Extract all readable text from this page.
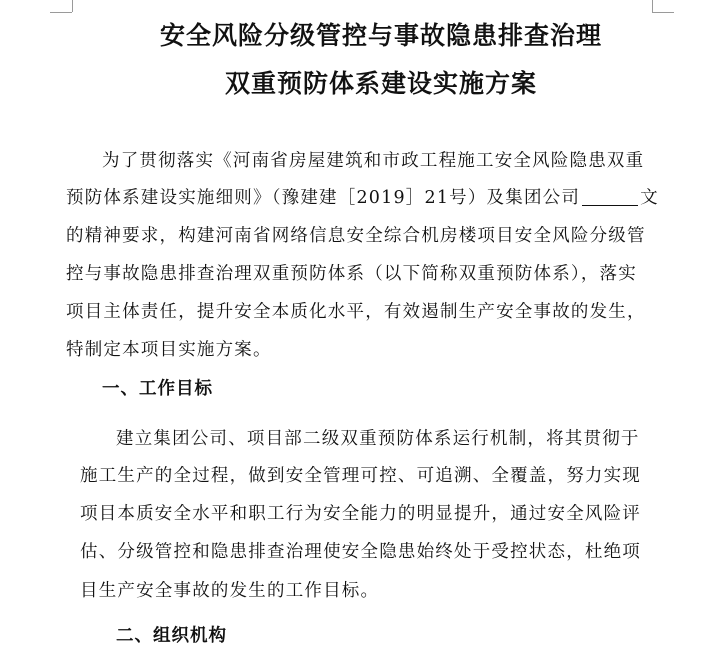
安全风险分级管控与事故隐患排查治理
双重预防体系建设实施方案
为了贯彻落实《河南省房屋建筑和市政工程施工安全风险隐患双重
预防体系建设实施细则》（豫建建［2019］21号）及集团公司	文
的精神要求，构建河南省网络信息安全综合机房楼项目安全风险分级管
控与事故隐患排查治理双重预防体系（以下简称双重预防体系），落实
项目主体责任，提升安全本质化水平，有效遏制生产安全事故的发生，
特制定本项目实施方案。
一、工作目标
建立集团公司、项目部二级双重预防体系运行机制，将其贯彻于
施工生产的全过程，做到安全管理可控、可追溯、全覆盖，努力实现
项目本质安全水平和职工行为安全能力的明显提升，通过安全风险评
估、分级管控和隐患排查治理使安全隐患始终处于受控状态，杜绝项
目生产安全事故的发生的工作目标。
二、组织机构
